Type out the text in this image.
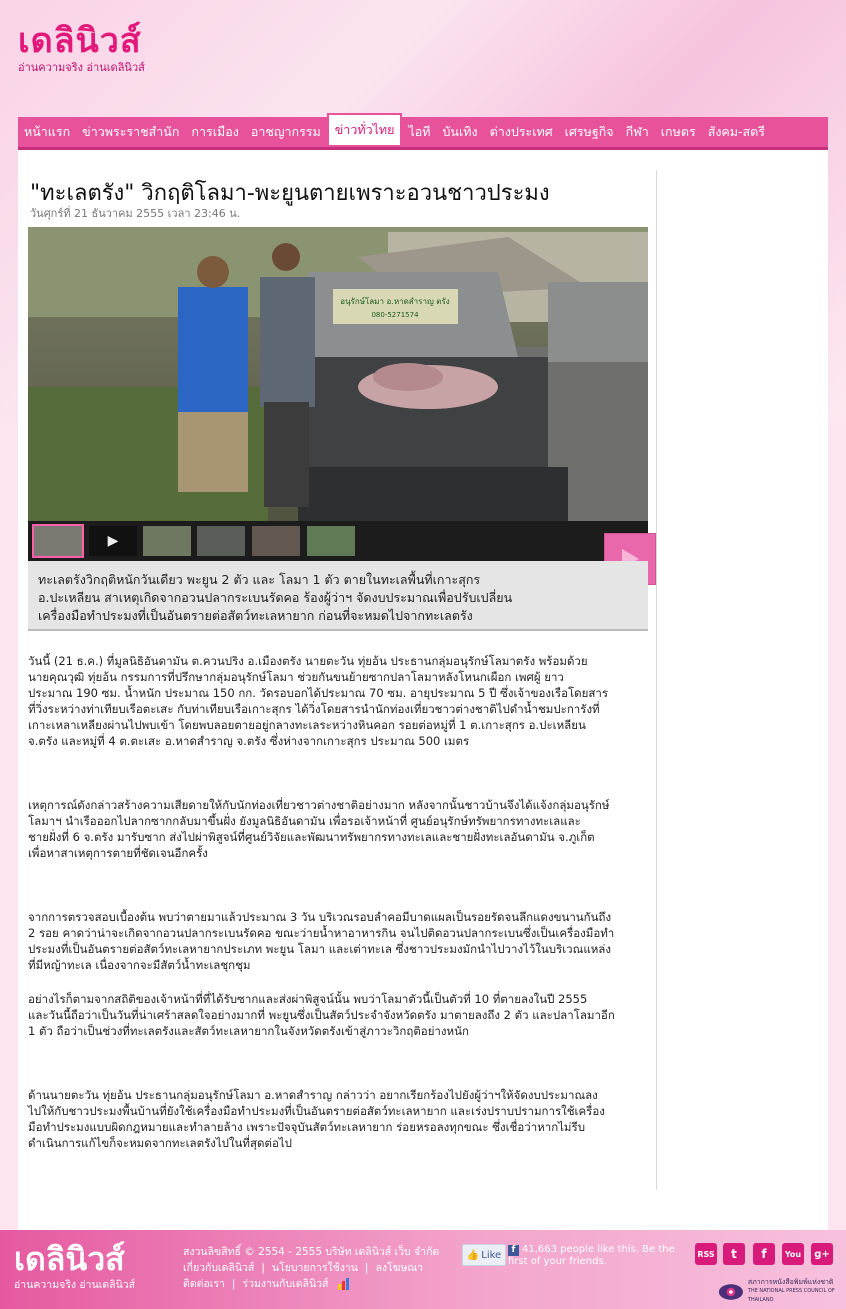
เดลินิวส์
อ่านความจริง อ่านเดลินิวส์
หน้าแรก ข่าวพระราชสำนัก การเมือง อาชญากรรม	ข่าวทั่วไทย	ไอที บันเทิง ต่างประเทศ เศรษฐกิจ กีฬา เกษตร สังคม-สตรี
"ทะเลตรัง" วิกฤติโลมา-พะยูนตายเพราะอวนชาวประมง
วันศุกร์ที่ 21 ธันวาคม 2555 เวลา 23:46 น.
อนุรักษ์โลมา อ.หาดสำราญ ตรัง
080-5271574
▶
ทะเลตรังวิกฤติหนักวันเดียว พะยูน 2 ตัว และ โลมา 1 ตัว ตายในทะเลพื้นที่เกาะสุกร
อ.ปะเหลียน สาเหตุเกิดจากอวนปลากระเบนรัดคอ ร้องผู้ว่าฯ จัดงบประมาณเพื่อปรับเปลี่ยน
เครื่องมือทำประมงที่เป็นอันตรายต่อสัตว์ทะเลหายาก ก่อนที่จะหมดไปจากทะเลตรัง

วันนี้ (21 ธ.ค.) ที่มูลนิธิอันดามัน ต.ควนปริง อ.เมืองตรัง นายตะวัน ทุ่ยอ้น ประธานกลุ่มอนุรักษ์โลมาตรัง พร้อมด้วย

นายคุณวุฒิ ทุ่ยอ้น กรรมการที่ปรึกษากลุ่มอนุรักษ์โลมา ช่วยกันขนย้ายซากปลาโลมาหลังโหนกเผือก เพศผู้ ยาว

ประมาณ 190 ซม. น้ำหนัก ประมาณ 150 กก. วัดรอบอกได้ประมาณ 70 ซม. อายุประมาณ 5 ปี ซึ่งเจ้าของเรือโดยสาร

ที่วิ่งระหว่างท่าเทียบเรือตะเสะ กับท่าเทียบเรือเกาะสุกร ได้วิ่งโดยสารนำนักท่องเที่ยวชาวต่างชาติไปดำน้ำชมปะการังที่

เกาะเหลาเหลียงผ่านไปพบเข้า โดยพบลอยตายอยู่กลางทะเลระหว่างหินคอก รอยต่อหมู่ที่ 1 ต.เกาะสุกร อ.ปะเหลียน

จ.ตรัง และหมู่ที่ 4 ต.ตะเสะ อ.หาดสำราญ จ.ตรัง ซึ่งห่างจากเกาะสุกร ประมาณ 500 เมตร

เหตุการณ์ดังกล่าวสร้างความเสียดายให้กับนักท่องเที่ยวชาวต่างชาติอย่างมาก หลังจากนั้นชาวบ้านจึงได้แจ้งกลุ่มอนุรักษ์

โลมาฯ นำเรือออกไปลากซากกลับมาขึ้นฝั่ง ยังมูลนิธิอันดามัน เพื่อรอเจ้าหน้าที่ ศูนย์อนุรักษ์ทรัพยากรทางทะเลและ

ชายฝั่งที่ 6 จ.ตรัง มารับซาก ส่งไปผ่าพิสูจน์ที่ศูนย์วิจัยและพัฒนาทรัพยากรทางทะเลและชายฝั่งทะเลอันดามัน จ.ภูเก็ต

เพื่อหาสาเหตุการตายที่ชัดเจนอีกครั้ง

จากการตรวจสอบเบื้องต้น พบว่าตายมาแล้วประมาณ 3 วัน บริเวณรอบลำคอมีบาดแผลเป็นรอยรัดจนลึกแดงขนานกันถึง

2 รอย คาดว่าน่าจะเกิดจากอวนปลากระเบนรัดคอ ขณะว่ายน้ำหาอาหารกิน จนไปติดอวนปลากระเบนซึ่งเป็นเครื่องมือทำ

ประมงที่เป็นอันตรายต่อสัตว์ทะเลหายากประเภท พะยูน โลมา และเต่าทะเล ซึ่งชาวประมงมักนำไปวางไว้ในบริเวณแหล่ง

ที่มีหญ้าทะเล เนื่องจากจะมีสัตว์น้ำทะเลชุกชุม

อย่างไรก็ตามจากสถิติของเจ้าหน้าที่ที่ได้รับซากและส่งผ่าพิสูจน์นั้น พบว่าโลมาตัวนี้เป็นตัวที่ 10 ที่ตายลงในปี 2555

และวันนี้ถือว่าเป็นวันที่น่าเศร้าสลดใจอย่างมากที่ พะยูนซึ่งเป็นสัตว์ประจำจังหวัดตรัง มาตายลงถึง 2 ตัว และปลาโลมาอีก

1 ตัว ถือว่าเป็นช่วงที่ทะเลตรังและสัตว์ทะเลหายากในจังหวัดตรังเข้าสู่ภาวะวิกฤติอย่างหนัก

ด้านนายตะวัน ทุ่ยอ้น ประธานกลุ่มอนุรักษ์โลมา อ.หาดสำราญ กล่าวว่า อยากเรียกร้องไปยังผู้ว่าฯให้จัดงบประมาณลง

ไปให้กับชาวประมงพื้นบ้านที่ยังใช้เครื่องมือทำประมงที่เป็นอันตรายต่อสัตว์ทะเลหายาก และเร่งปราบปรามการใช้เครื่อง

มือทำประมงแบบผิดกฎหมายและทำลายล้าง เพราะปัจจุบันสัตว์ทะเลหายาก ร่อยหรอลงทุกขณะ ซึ่งเชื่อว่าหากไม่รีบ

ดำเนินการแก้ไขก็จะหมดจากทะเลตรังไปในที่สุดต่อไป

เดลินิวส์
อ่านความจริง อ่านเดลินิวส์
สงวนลิขสิทธิ์ © 2554 - 2555 บริษัท เดลินิวส์ เว็บ จำกัด
เกี่ยวกับเดลินิวส์ | นโยบายการใช้งาน | ลงโฆษณา
ติดต่อเรา | ร่วมงานกับเดลินิวส์
👍 Like	f 41,663 people like this. Be the first of your friends.
RSS t f You g+
สภาการหนังสือพิมพ์แห่งชาติ
THE NATIONAL PRESS COUNCIL OF THAILAND
